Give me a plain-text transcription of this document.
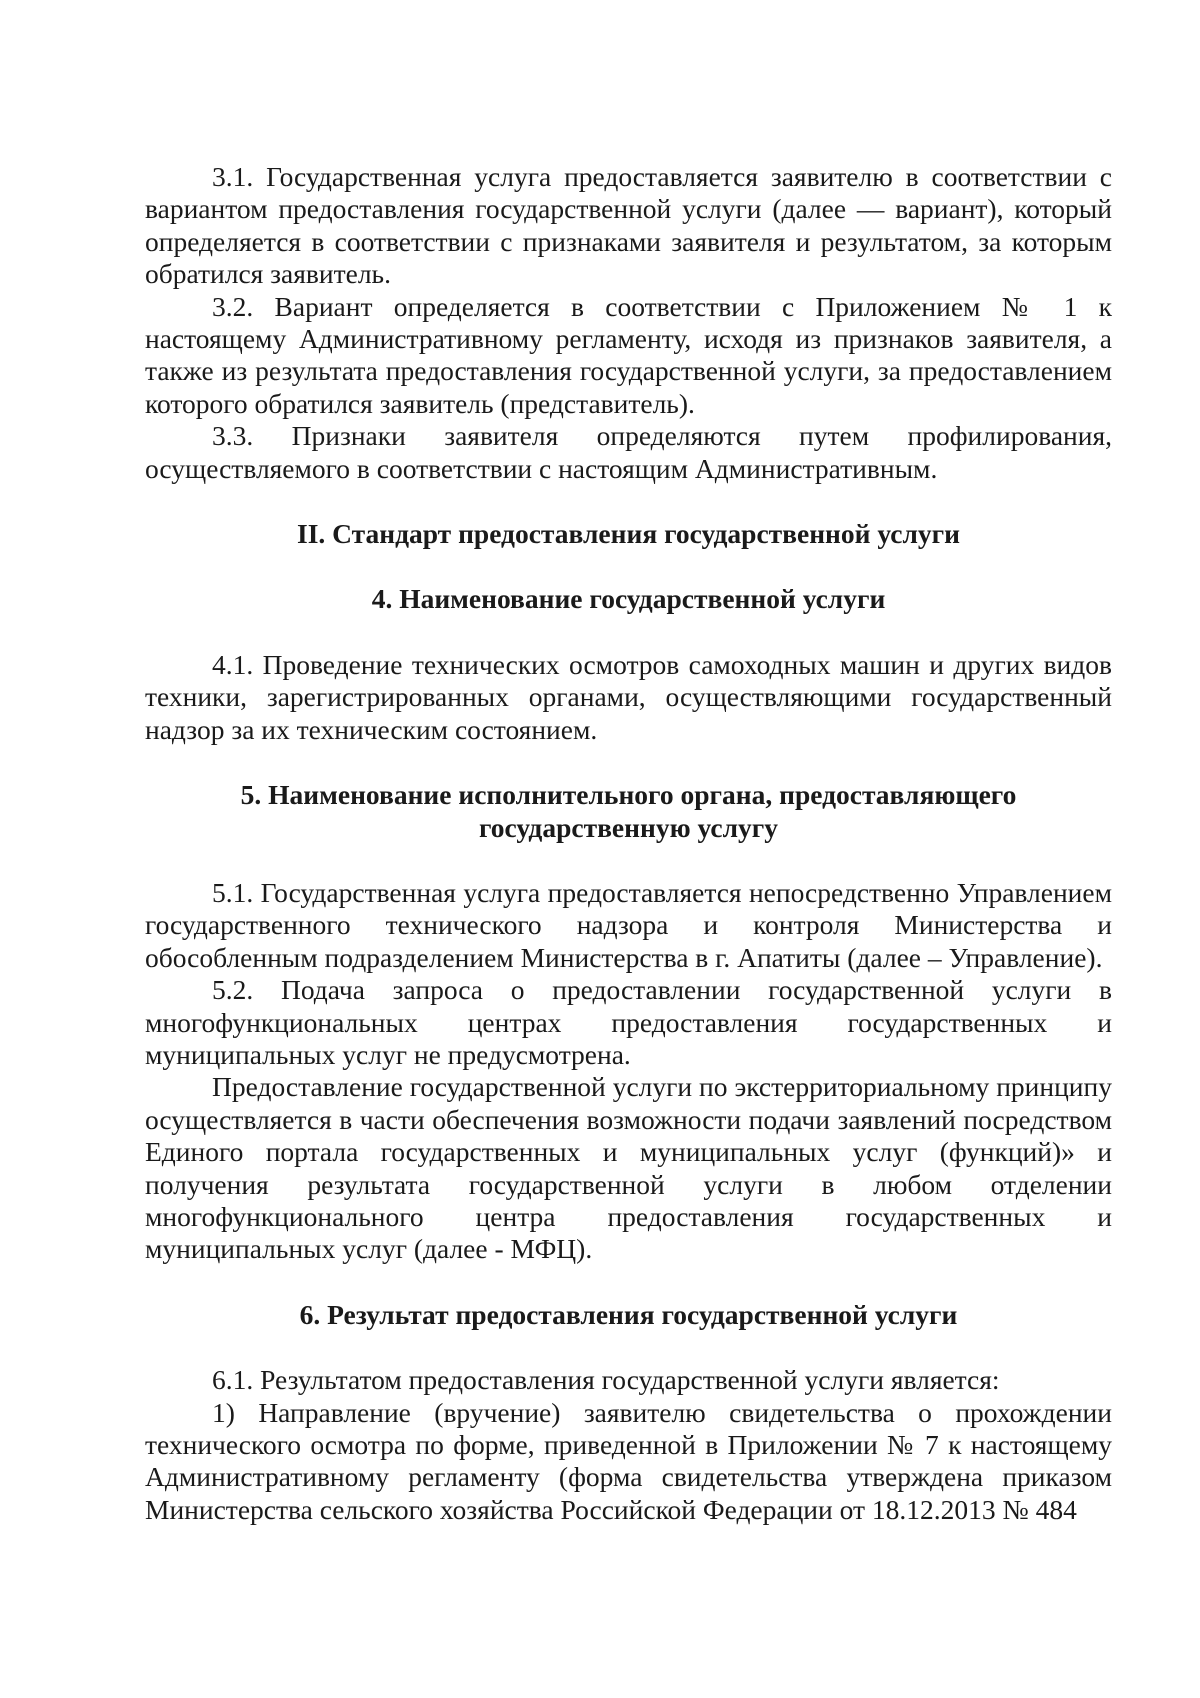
3.1. Государственная услуга предоставляется заявителю в соответствии с вариантом предоставления государственной услуги (далее — вариант), который определяется в соответствии с признаками заявителя и результатом, за которым обратился заявитель.

3.2. Вариант определяется в соответствии с Приложением № 1 к настоящему Административному регламенту, исходя из признаков заявителя, а также из результата предоставления государственной услуги, за предоставлением которого обратился заявитель (представитель).

3.3. Признаки заявителя определяются путем профилирования, осуществляемого в соответствии с настоящим Административным.

II. Стандарт предоставления государственной услуги

4. Наименование государственной услуги

4.1. Проведение технических осмотров самоходных машин и других видов техники, зарегистрированных органами, осуществляющими государственный надзор за их техническим состоянием.

5. Наименование исполнительного органа, предоставляющего государственную услугу

5.1. Государственная услуга предоставляется непосредственно Управлением государственного технического надзора и контроля Министерства и обособленным подразделением Министерства в г. Апатиты (далее – Управление).

5.2. Подача запроса о предоставлении государственной услуги в многофункциональных центрах предоставления государственных и муниципальных услуг не предусмотрена.

Предоставление государственной услуги по экстерриториальному принципу осуществляется в части обеспечения возможности подачи заявлений посредством Единого портала государственных и муниципальных услуг (функций)» и получения результата государственной услуги в любом отделении многофункционального центра предоставления государственных и муниципальных услуг (далее - МФЦ).

6. Результат предоставления государственной услуги

6.1. Результатом предоставления государственной услуги является:

1) Направление (вручение) заявителю свидетельства о прохождении технического осмотра по форме, приведенной в Приложении № 7 к настоящему Административному регламенту (форма свидетельства утверждена приказом Министерства сельского хозяйства Российской Федерации от 18.12.2013 № 484
